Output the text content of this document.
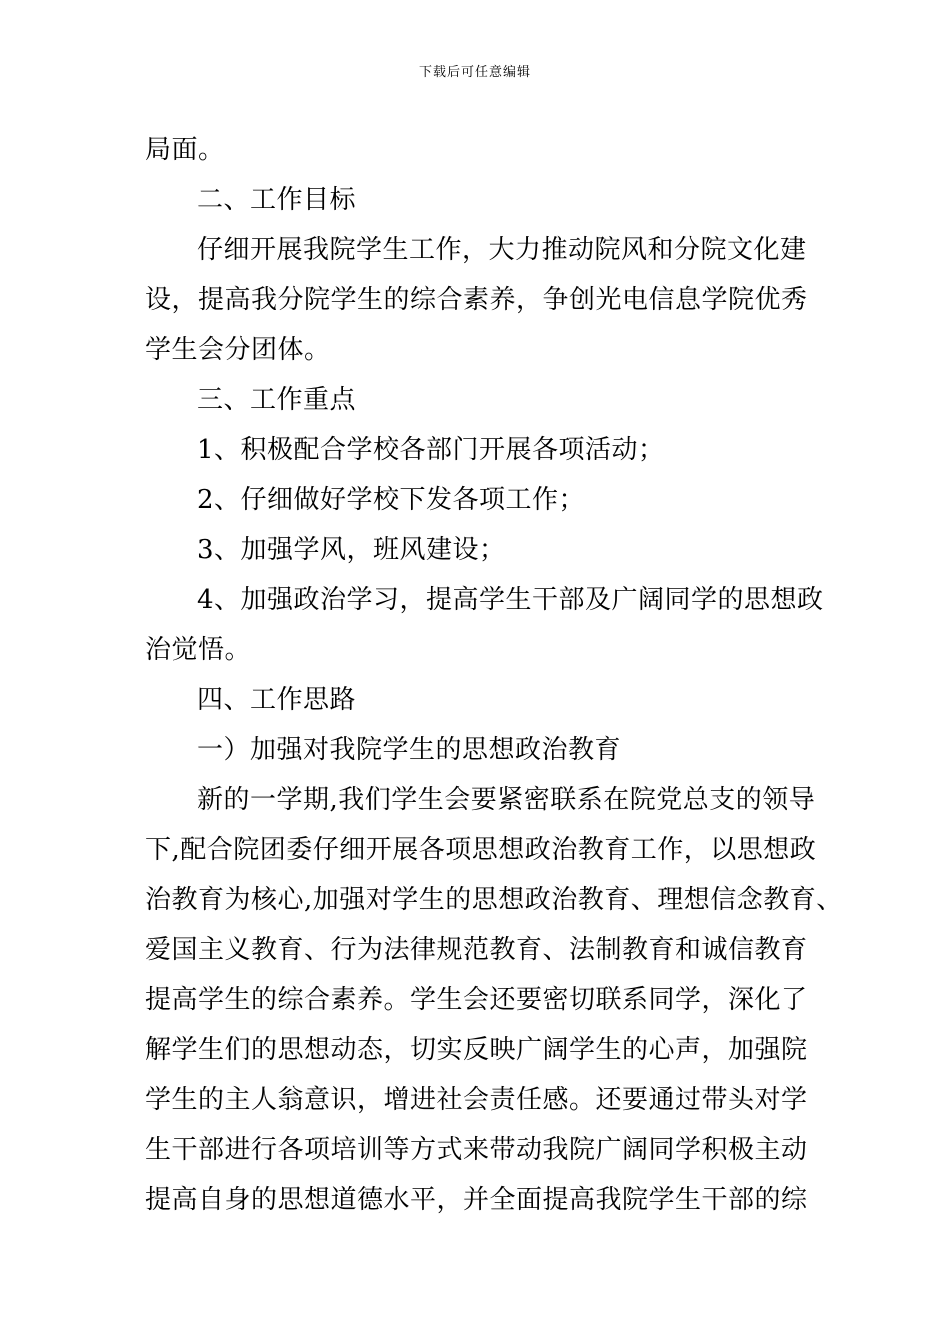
下载后可任意编辑
局面。
二、工作目标
仔细开展我院学生工作，大力推动院风和分院文化建
设，提高我分院学生的综合素养，争创光电信息学院优秀
学生会分团体。
三、工作重点
1、积极配合学校各部门开展各项活动；
2、仔细做好学校下发各项工作；
3、加强学风，班风建设；
4、加强政治学习，提高学生干部及广阔同学的思想政
治觉悟。
四、工作思路
一）加强对我院学生的思想政治教育
新的一学期,我们学生会要紧密联系在院党总支的领导
下,配合院团委仔细开展各项思想政治教育工作，以思想政
治教育为核心,加强对学生的思想政治教育、理想信念教育、
爱国主义教育、行为法律规范教育、法制教育和诚信教育
提高学生的综合素养。学生会还要密切联系同学，深化了
解学生们的思想动态，切实反映广阔学生的心声，加强院
学生的主人翁意识，增进社会责任感。还要通过带头对学
生干部进行各项培训等方式来带动我院广阔同学积极主动
提高自身的思想道德水平，并全面提高我院学生干部的综
